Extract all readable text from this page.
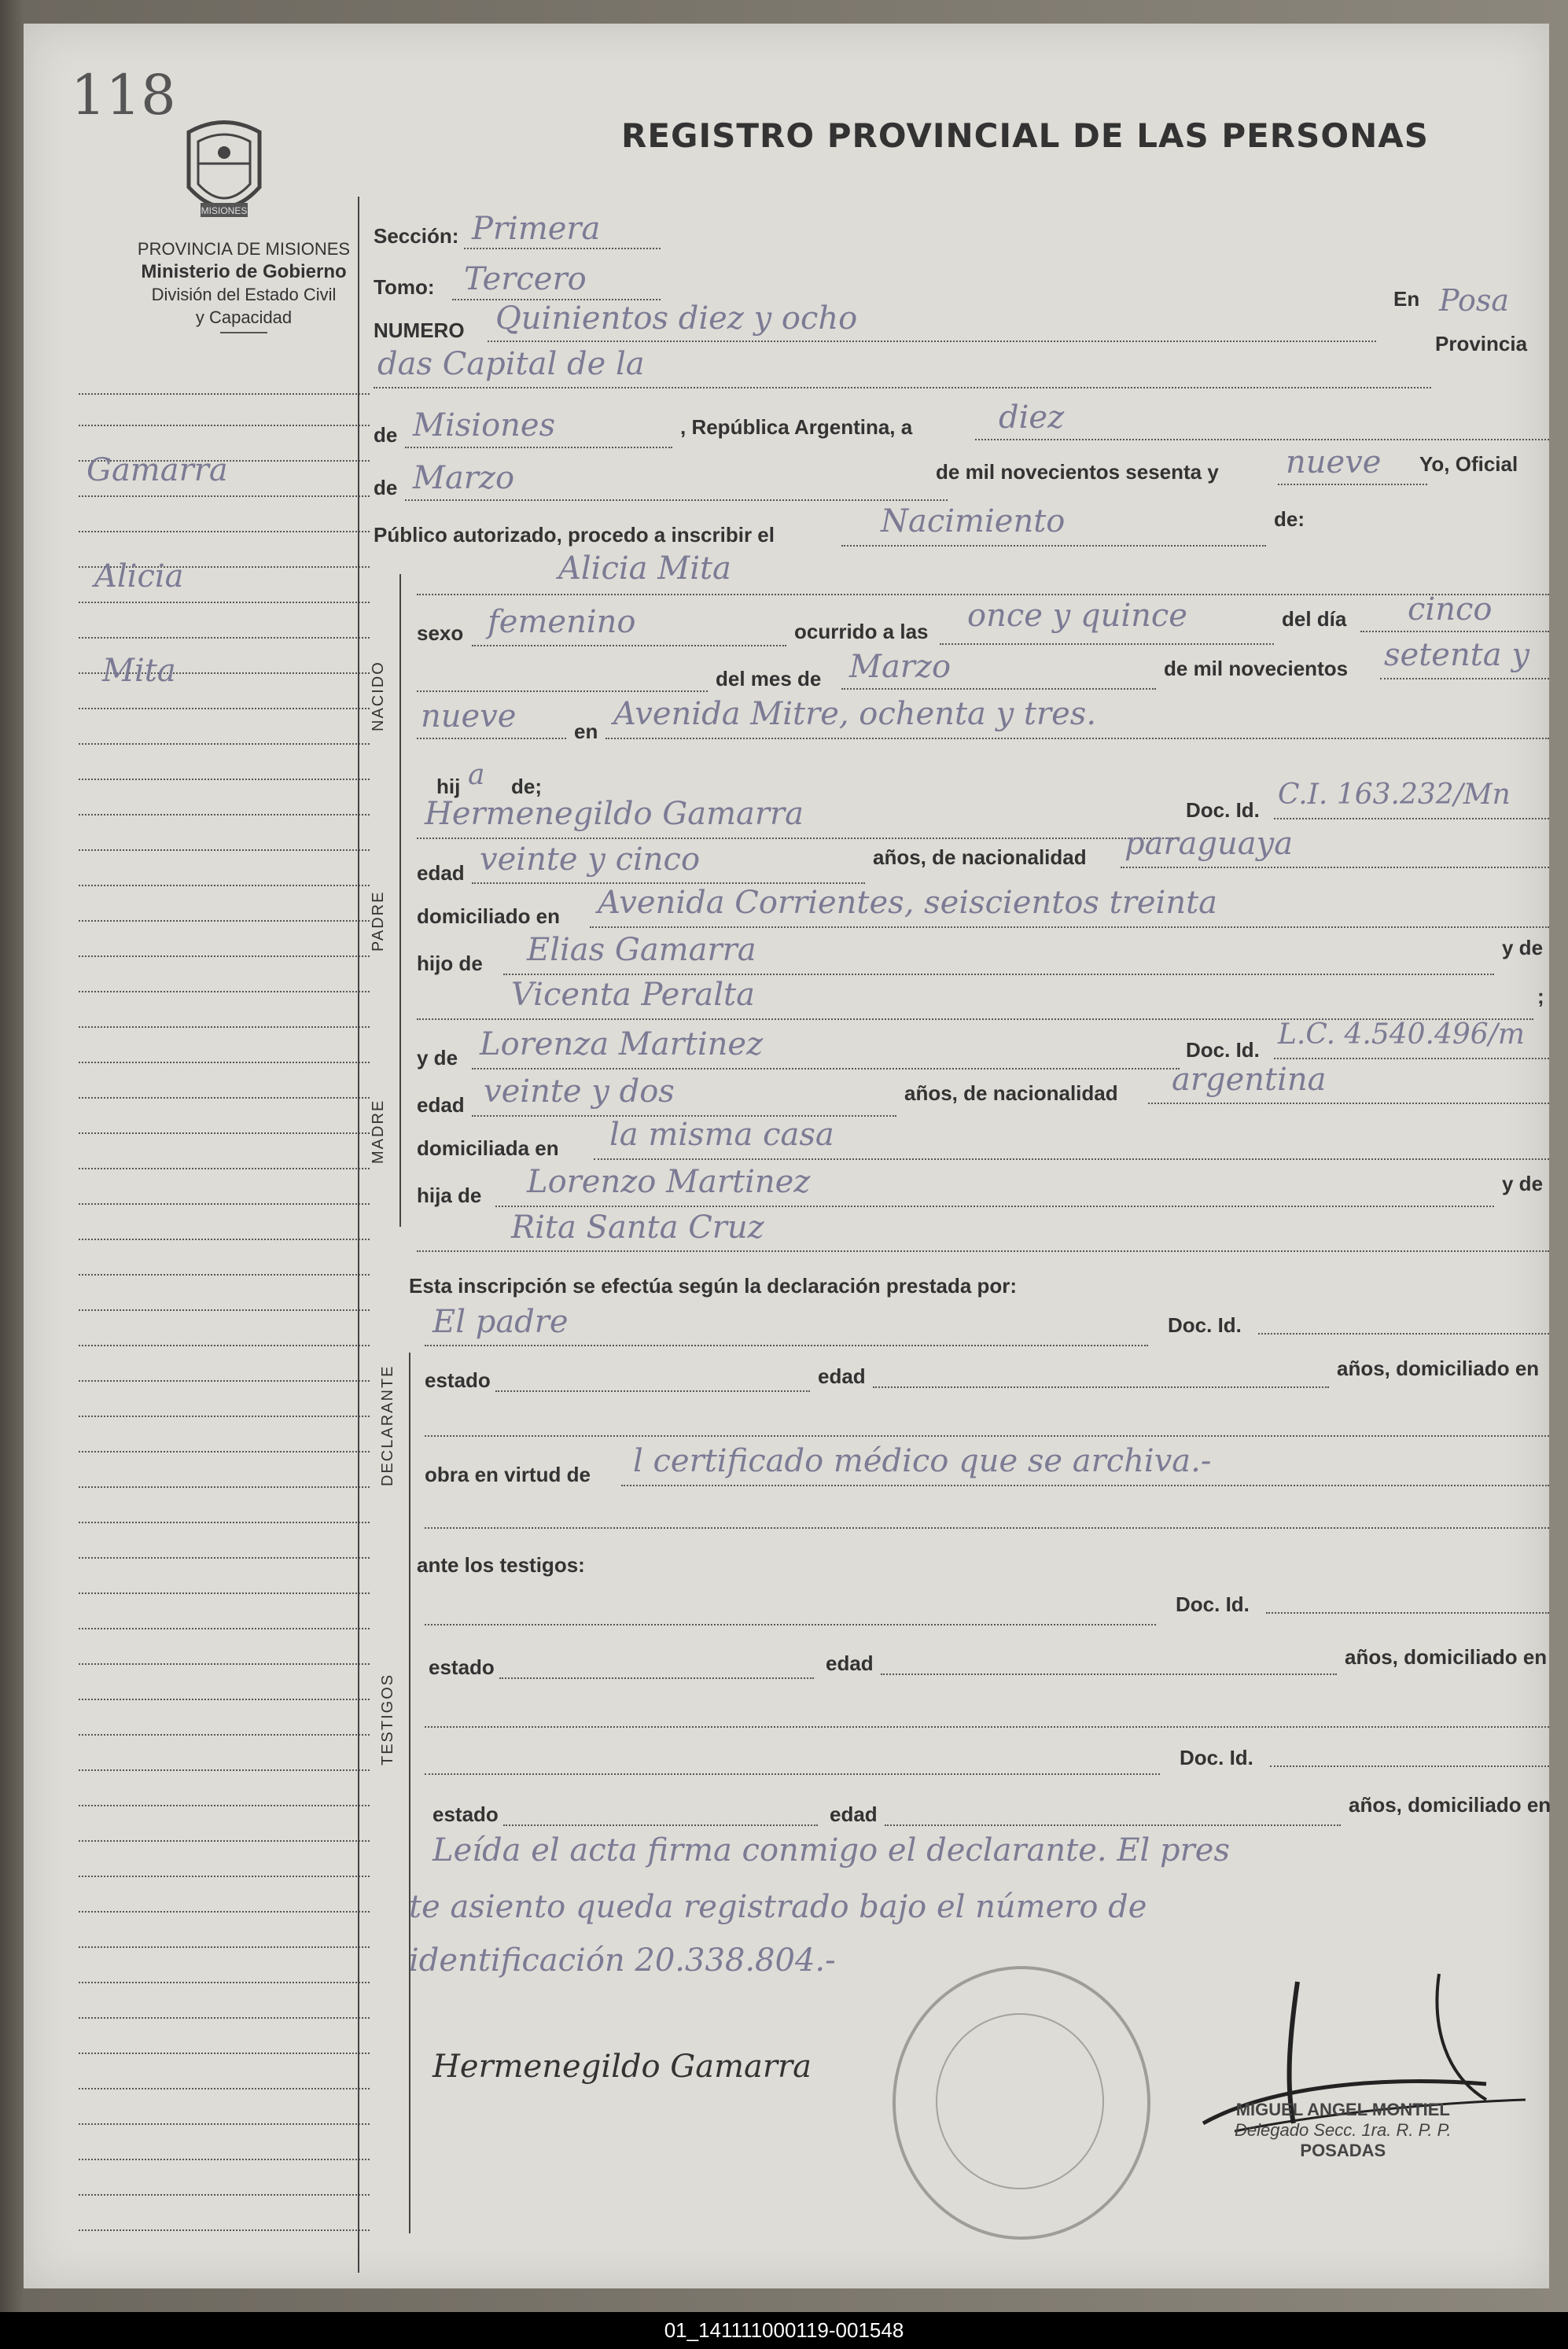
118
MISIONES
REGISTRO PROVINCIAL DE LAS PERSONAS
PROVINCIA DE MISIONES
Ministerio de Gobierno
División del Estado Civil
y Capacidad
Gamarra
Alicia
Mita	NACIDO
PADRE
MADRE
DECLARANTE
TESTIGOS
Sección: Primera
Tomo: Tercero
NUMERO Quinientos diez y ocho
En Posa
das Capital de la
Provincia
de Misiones	, República Argentina, a	diez
de Marzo	de mil novecientos sesenta y nueve Yo, Oficial
Público autorizado, procedo a inscribir el	Nacimiento	de:
Alicia Mita
sexo femenino	ocurrido a las once y quince	del día cinco
del mes de Marzo	de mil novecientos setenta y
nueve	en Avenida Mitre, ochenta y tres.
hij a de;
Hermenegildo Gamarra	Doc. Id. C.I. 163.232/Mn
edad veinte y cinco	años, de nacionalidad paraguaya
domiciliado en Avenida Corrientes, seiscientos treinta
hijo de Elias Gamarra	y de
Vicenta Peralta	;
y de Lorenza Martinez	Doc. Id. L.C. 4.540.496/m
edad veinte y dos	años, de nacionalidad argentina
domiciliada en la misma casa
hija de Lorenzo Martinez	y de
Rita Santa Cruz
Esta inscripción se efectúa según la declaración prestada por:
El padre	Doc. Id.
estado	edad	años, domiciliado en
obra en virtud de l certificado médico que se archiva.-
ante los testigos:
Doc. Id.
estado	edad	años, domiciliado en
Doc. Id.
estado	edad	años, domiciliado en
Leída el acta firma conmigo el declarante. El pres
te asiento queda registrado bajo el número de
identificación 20.338.804.-
Hermenegildo Gamarra
MIGUEL ANGEL MONTIEL
Delegado Secc. 1ra. R. P. P.
POSADAS
01_141111000119-001548
